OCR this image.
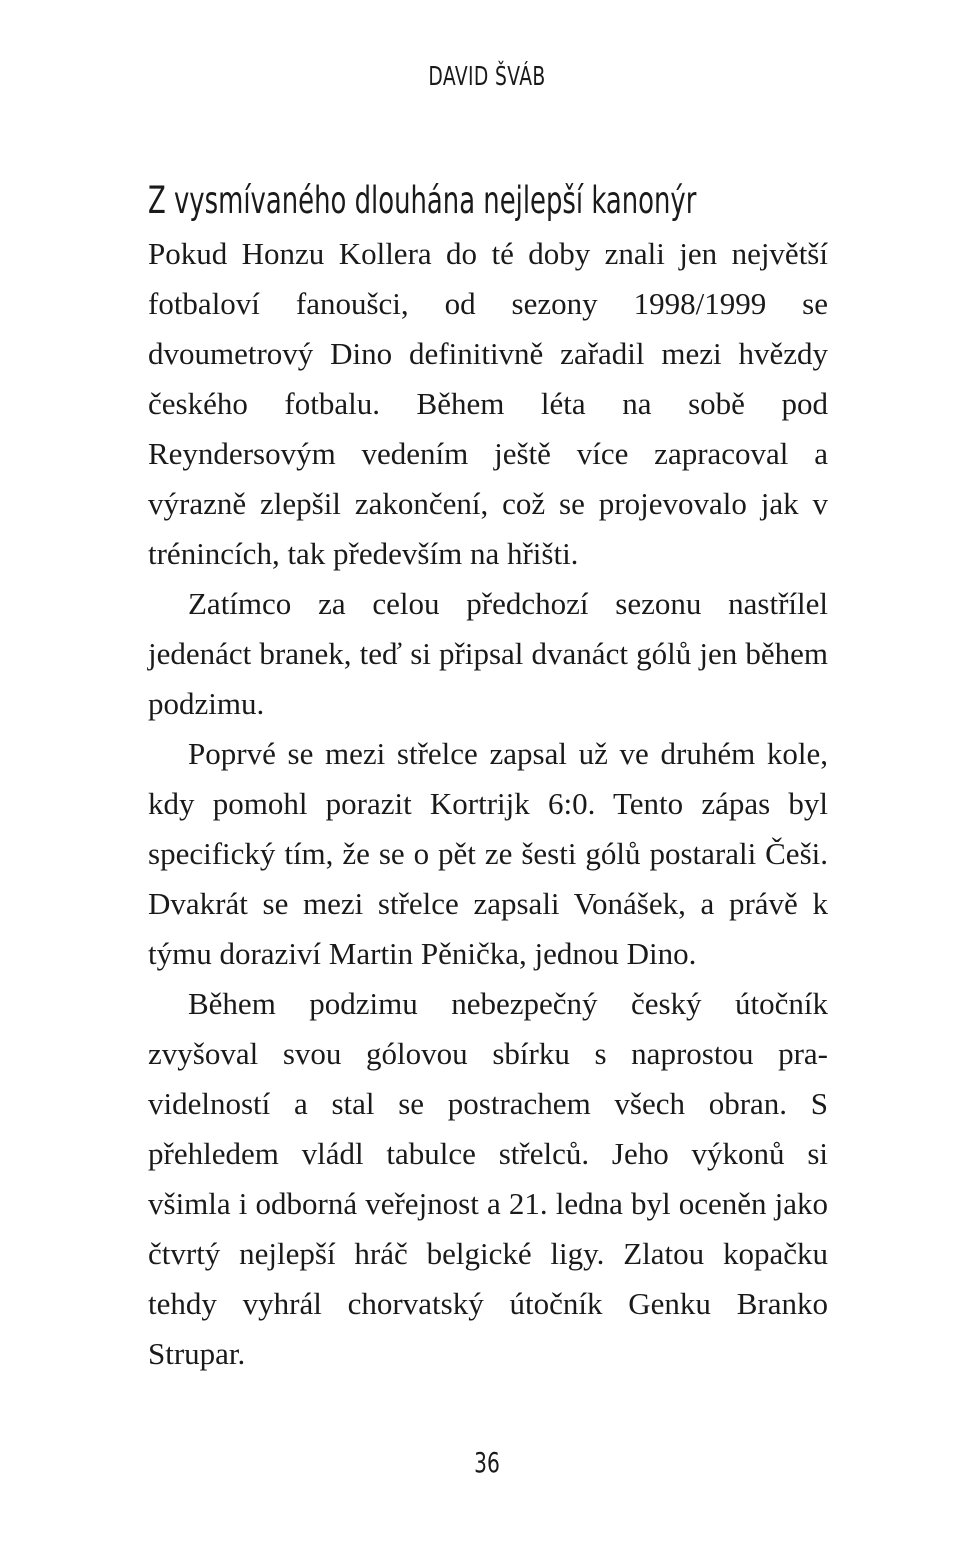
DAVID ŠVÁB
Z vysmívaného dlouhána nejlepší kanonýr

Pokud Honzu Kollera do té doby znali jen největší fotbaloví fanoušci, od sezony 1998/1999 se dvoumetrový Dino definitivně zařadil mezi hvězdy českého fotbalu. Během léta na sobě pod Reyndersovým vedením ještě více zapracoval a výrazně zlepšil zakončení, což se projevovalo jak v trénincích, tak především na hřišti.

Zatímco za celou předchozí sezonu nastřílel jedenáct branek, teď si připsal dvanáct gólů jen během podzimu.

Poprvé se mezi střelce zapsal už ve druhém kole, kdy pomohl porazit Kortrijk 6:0. Tento zápas byl specifický tím, že se o pět ze šesti gólů postarali Češi. Dvakrát se mezi střelce zapsali Vonášek, a právě k týmu doraziví Martin Pěnička, jednou Dino.

Během podzimu nebezpečný český útočník zvyšoval svou gólovou sbírku s naprostou pravidelností a stal se postrachem všech obran. S přehledem vládl tabulce střelců. Jeho výkonů si všimla i odborná veřejnost a 21. ledna byl oceněn jako čtvrtý nejlepší hráč belgické ligy. Zlatou kopačku tehdy vyhrál chorvatský útočník Genku Branko Strupar.

36
